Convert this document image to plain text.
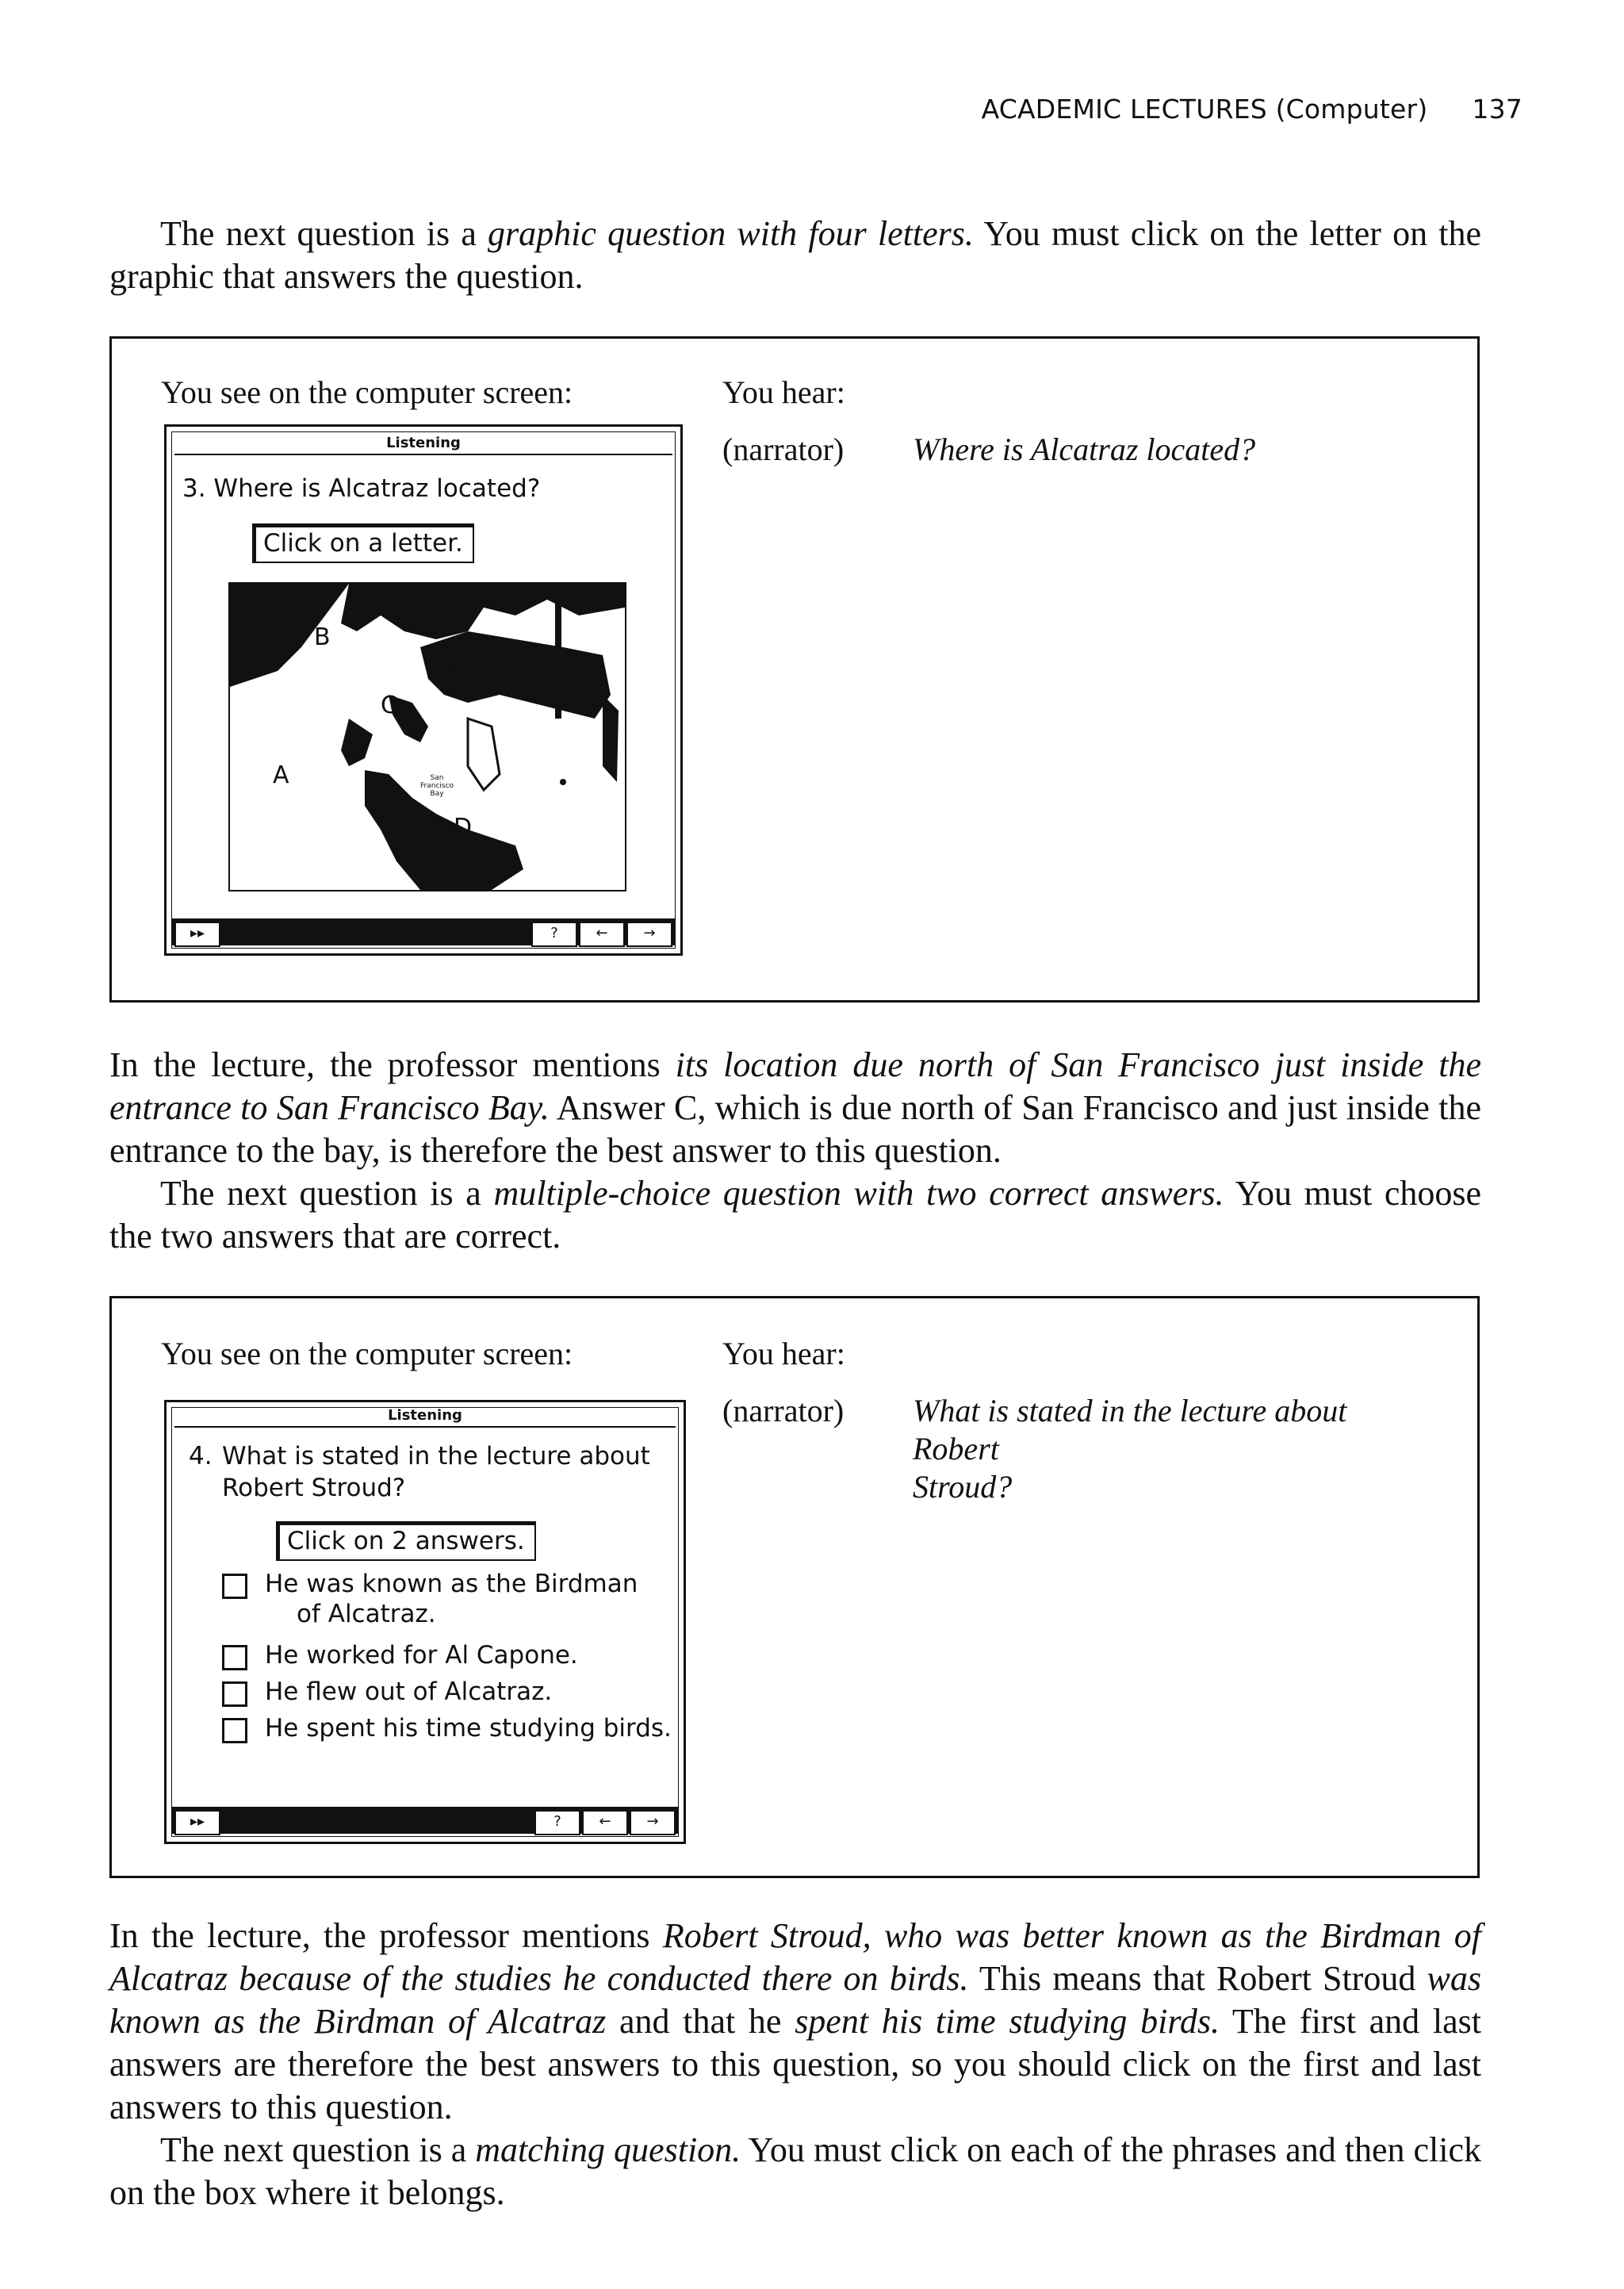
ACADEMIC LECTURES (Computer) 137

The next question is a graphic question with four letters. You must click on the letter on the graphic that answers the question.

You see on the computer screen:	You hear:
(narrator) Where is Alcatraz located?
Listening
3. Where is Alcatraz located?
Click on a letter.
B
C
A
D
San
Francisco
Bay
▸▸	?	←	→

In the lecture, the professor mentions its location due north of San Francisco just inside the entrance to San Francisco Bay. Answer C, which is due north of San Francisco and just inside the entrance to the bay, is therefore the best answer to this question.

The next question is a multiple-choice question with two correct answers. You must choose the two answers that are correct.

You see on the computer screen:	You hear:
(narrator) What is stated in the lecture about Robert
Stroud?
Listening
4. What is stated in the lecture about
Robert Stroud?
Click on 2 answers.
He was known as the Birdman
of Alcatraz.
He worked for Al Capone.
He flew out of Alcatraz.
He spent his time studying birds.
▸▸	?	←	→

In the lecture, the professor mentions Robert Stroud, who was better known as the Birdman of Alcatraz because of the studies he conducted there on birds. This means that Robert Stroud was known as the Birdman of Alcatraz and that he spent his time studying birds. The first and last answers are therefore the best answers to this question, so you should click on the first and last answers to this question.

The next question is a matching question. You must click on each of the phrases and then click on the box where it belongs.
